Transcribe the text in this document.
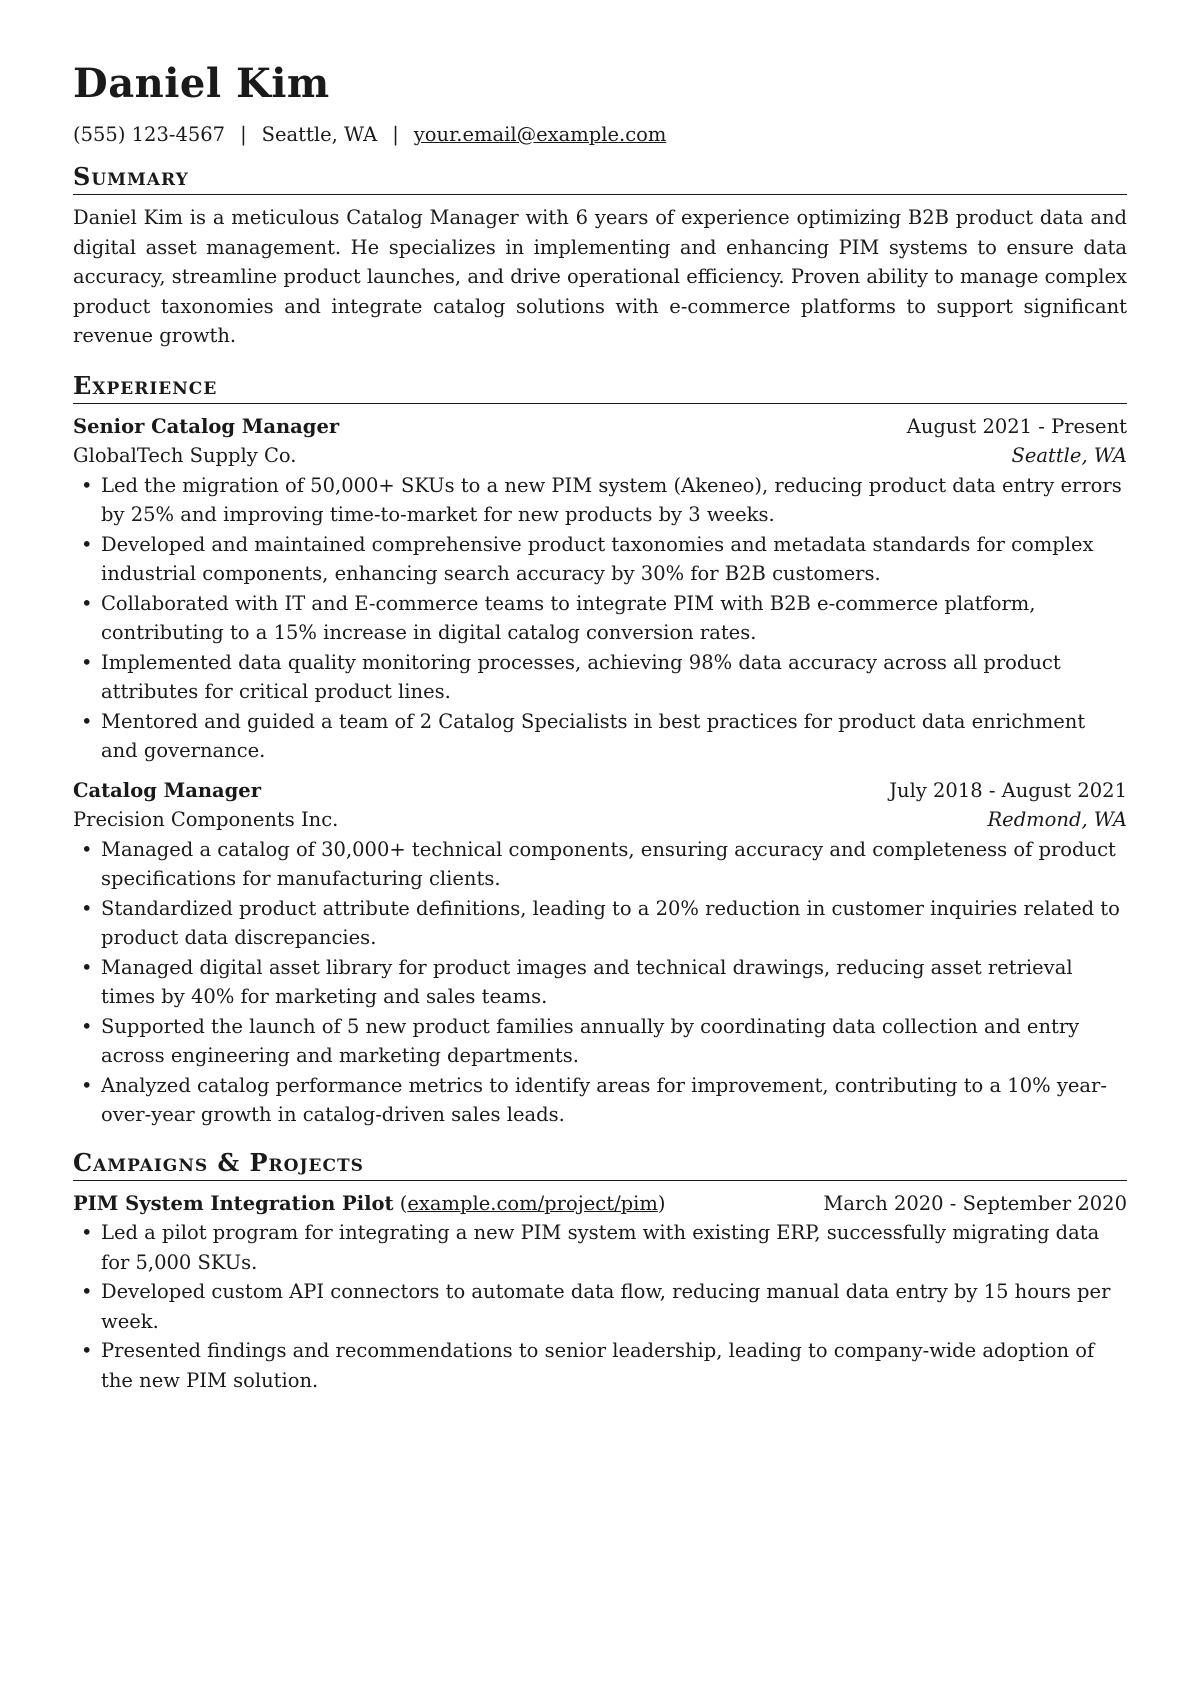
Daniel Kim
(555) 123-4567 | Seattle, WA | your.email@example.com
Summary

Daniel Kim is a meticulous Catalog Manager with 6 years of experience optimizing B2B product data and digital asset management. He specializes in implementing and enhancing PIM systems to ensure data accuracy, streamline product launches, and drive operational efficiency. Proven ability to manage complex product taxonomies and integrate catalog solutions with e-commerce platforms to support significant revenue growth.

Experience
Senior Catalog Manager	August 2021 - Present
GlobalTech Supply Co.	Seattle, WA
• Led the migration of 50,000+ SKUs to a new PIM system (Akeneo), reducing product data entry errors by 25% and improving time-to-market for new products by 3 weeks.
• Developed and maintained comprehensive product taxonomies and metadata standards for complex industrial components, enhancing search accuracy by 30% for B2B customers.
• Collaborated with IT and E-commerce teams to integrate PIM with B2B e-commerce platform, contributing to a 15% increase in digital catalog conversion rates.
• Implemented data quality monitoring processes, achieving 98% data accuracy across all product attributes for critical product lines.
• Mentored and guided a team of 2 Catalog Specialists in best practices for product data enrichment and governance.
Catalog Manager	July 2018 - August 2021
Precision Components Inc.	Redmond, WA
• Managed a catalog of 30,000+ technical components, ensuring accuracy and completeness of product specifications for manufacturing clients.
• Standardized product attribute definitions, leading to a 20% reduction in customer inquiries related to product data discrepancies.
• Managed digital asset library for product images and technical drawings, reducing asset retrieval times by 40% for marketing and sales teams.
• Supported the launch of 5 new product families annually by coordinating data collection and entry across engineering and marketing departments.
• Analyzed catalog performance metrics to identify areas for improvement, contributing to a 10% year-over-year growth in catalog-driven sales leads.
Campaigns & Projects
PIM System Integration Pilot (example.com/project/pim)	March 2020 - September 2020
• Led a pilot program for integrating a new PIM system with existing ERP, successfully migrating data for 5,000 SKUs.
• Developed custom API connectors to automate data flow, reducing manual data entry by 15 hours per week.
• Presented findings and recommendations to senior leadership, leading to company-wide adoption of the new PIM solution.
